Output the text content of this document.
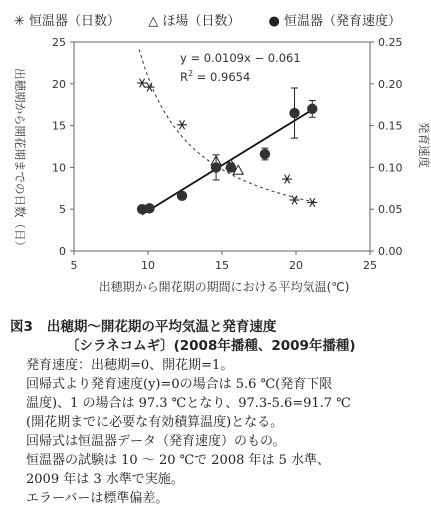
5	10	15	20	25
0
5
10
15
20
25
0.00
0.05
0.10
0.15
0.20
0.25
出穂期から開花期の期間における平均気温(℃)
出穂期から開花期までの日数（日）	発育速度
y = 0.0109x − 0.061
$R^2 = 0.9654$
✳ 恒温器（日数） △ ほ場（日数） ● 恒温器（発育速度）
図3 出穂期～開花期の平均気温と発育速度
〔シラネコムギ〕(2008年播種、2009年播種)
発育速度：出穂期=0、開花期=1。
回帰式より発育速度(y)=0の場合は 5.6 ℃(発育下限
温度)、1 の場合は 97.3 ℃となり、97.3-5.6=91.7 ℃
(開花期までに必要な有効積算温度)となる。
回帰式は恒温器データ（発育速度）のもの。
恒温器の試験は 10 ～ 20 ℃で 2008 年は 5 水準、
2009 年は 3 水準で実施。
エラーバーは標準偏差。
